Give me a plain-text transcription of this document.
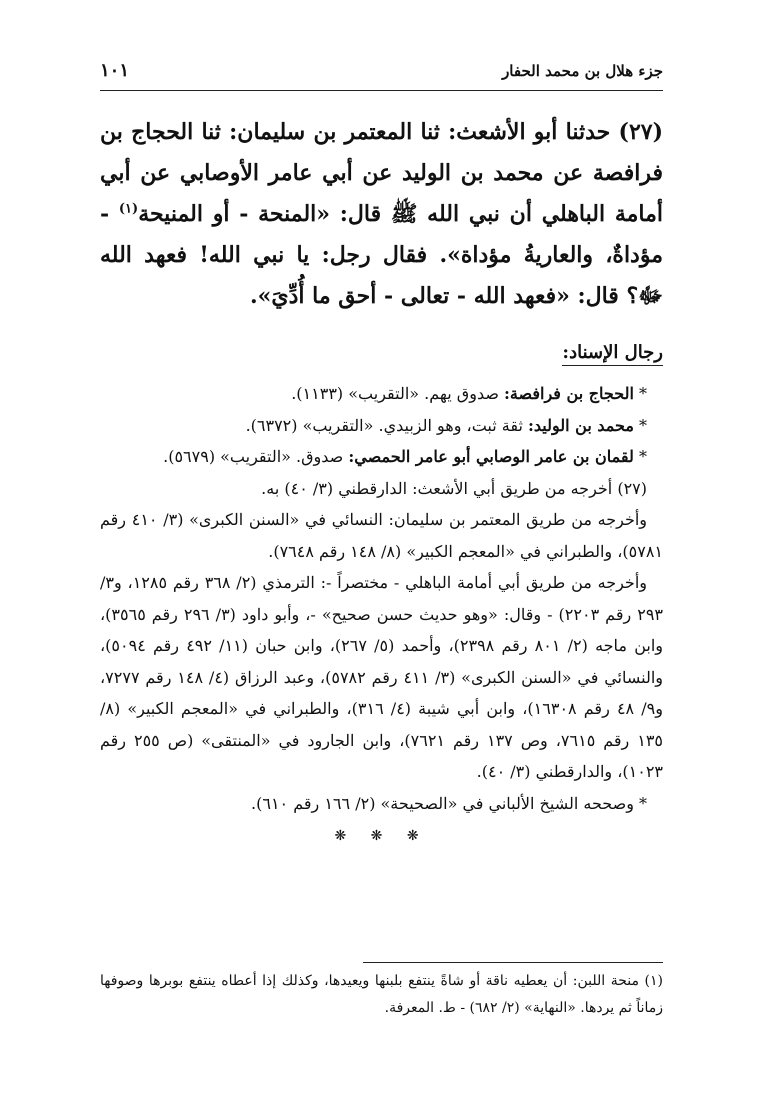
جزء هلال بن محمد الحفار
١٠١
(٢٧) حدثنا أبو الأشعث: ثنا المعتمر بن سليمان: ثنا الحجاج بن فرافصة عن محمد بن الوليد عن أبي عامر الأوصابي عن أبي أمامة الباهلي أن نبي الله ﷺ قال: «المنحة - أو المنيحة$^{(١)}$ - مؤداةٌ، والعاريةُ مؤداة». فقال رجل: يا نبي الله! فعهد الله ﷻ؟ قال: «فعهد الله - تعالى - أحق ما أُدِّيَ».
رجال الإسناد:

* الحجاج بن فرافصة: صدوق يهم. «التقريب» (١١٣٣).

* محمد بن الوليد: ثقة ثبت، وهو الزبيدي. «التقريب» (٦٣٧٢).

* لقمان بن عامر الوصابي أبو عامر الحمصي: صدوق. «التقريب» (٥٦٧٩).

(٢٧) أخرجه من طريق أبي الأشعث: الدارقطني (٣/ ٤٠) به.

وأخرجه من طريق المعتمر بن سليمان: النسائي في «السنن الكبرى» (٣/ ٤١٠ رقم ٥٧٨١)، والطبراني في «المعجم الكبير» (٨/ ١٤٨ رقم ٧٦٤٨).

وأخرجه من طريق أبي أمامة الباهلي - مختصراً -: الترمذي (٢/ ٣٦٨ رقم ١٢٨٥، و٣/ ٢٩٣ رقم ٢٢٠٣) - وقال: «وهو حديث حسن صحيح» -، وأبو داود (٣/ ٢٩٦ رقم ٣٥٦٥)، وابن ماجه (٢/ ٨٠١ رقم ٢٣٩٨)، وأحمد (٥/ ٢٦٧)، وابن حبان (١١/ ٤٩٢ رقم ٥٠٩٤)، والنسائي في «السنن الكبرى» (٣/ ٤١١ رقم ٥٧٨٢)، وعبد الرزاق (٤/ ١٤٨ رقم ٧٢٧٧، و٩/ ٤٨ رقم ١٦٣٠٨)، وابن أبي شيبة (٤/ ٣١٦)، والطبراني في «المعجم الكبير» (٨/ ١٣٥ رقم ٧٦١٥، وص ١٣٧ رقم ٧٦٢١)، وابن الجارود في «المنتقى» (ص ٢٥٥ رقم ١٠٢٣)، والدارقطني (٣/ ٤٠).

* وصححه الشيخ الألباني في «الصحيحة» (٢/ ١٦٦ رقم ٦١٠).

❋ ❋ ❋

(١) منحة اللبن: أن يعطيه ناقة أو شاةً ينتفع بلبنها ويعيدها، وكذلك إذا أعطاه ينتفع بوبرها وصوفها زماناً ثم يردها. «النهاية» (٢/ ٦٨٢) - ط. المعرفة.
